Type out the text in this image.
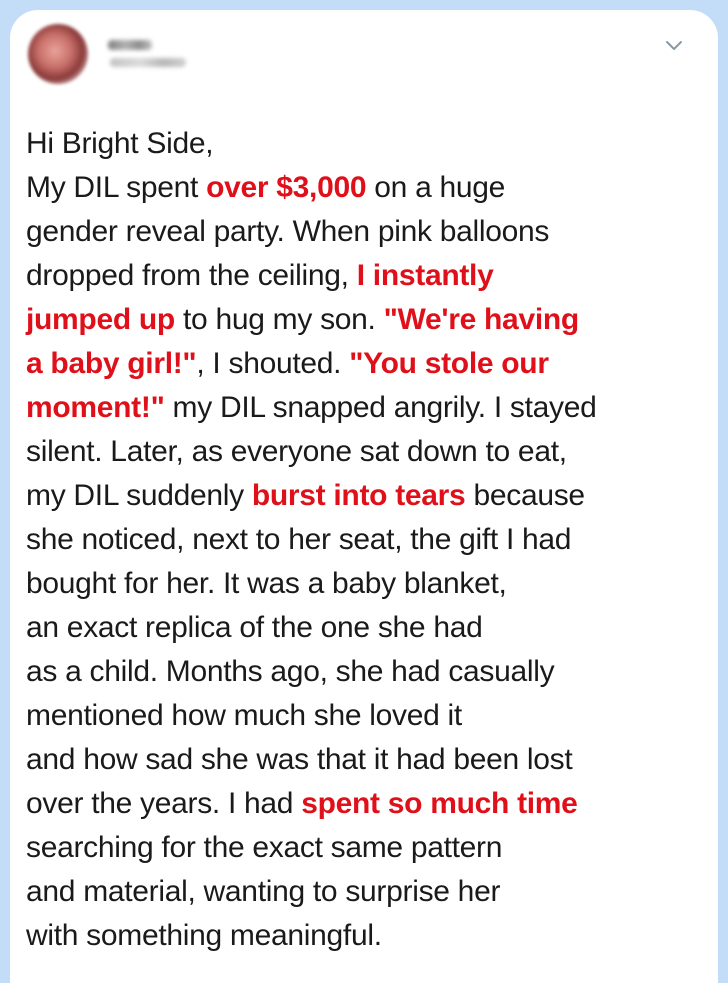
Hi Bright Side,
My DIL spent over $3,000 on a huge
gender reveal party. When pink balloons
dropped from the ceiling, I instantly
jumped up to hug my son. "We're having
a baby girl!", I shouted. "You stole our
moment!" my DIL snapped angrily. I stayed
silent. Later, as everyone sat down to eat,
my DIL suddenly burst into tears because
she noticed, next to her seat, the gift I had
bought for her. It was a baby blanket,
an exact replica of the one she had
as a child. Months ago, she had casually
mentioned how much she loved it
and how sad she was that it had been lost
over the years. I had spent so much time
searching for the exact same pattern
and material, wanting to surprise her
with something meaningful.
